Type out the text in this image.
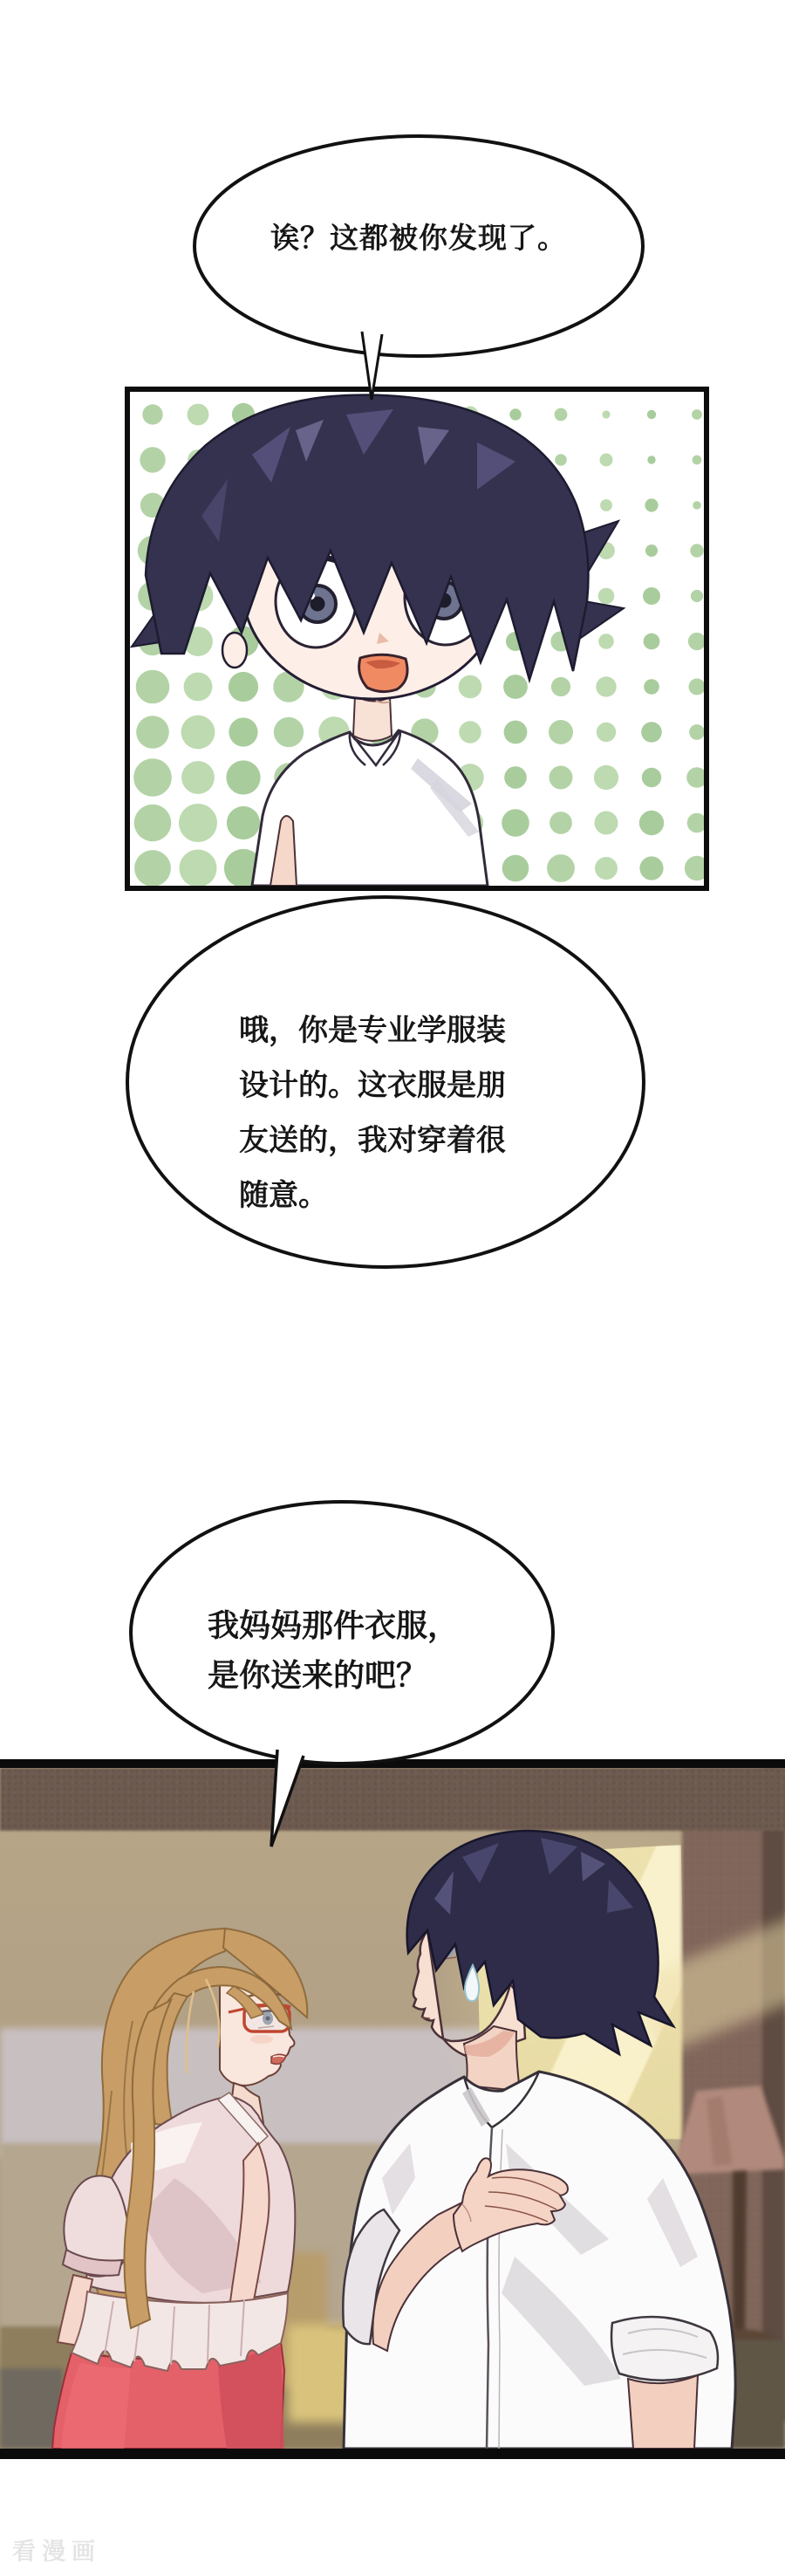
诶？这都被你发现了。
哦，你是专业学服装
设计的。这衣服是朋
友送的，我对穿着很
随意。
我妈妈那件衣服，
是你送来的吧？
看漫画
